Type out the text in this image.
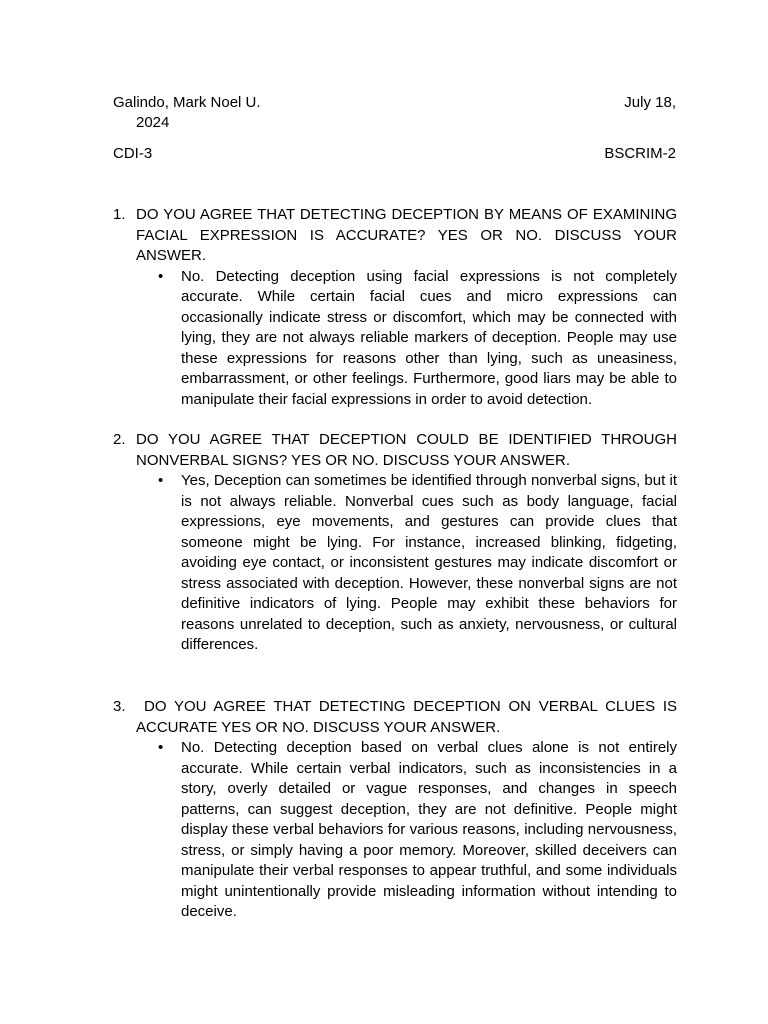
Galindo, Mark Noel U.	July 18,
2024
CDI-3	BSCRIM-2
1. DO YOU AGREE THAT DETECTING DECEPTION BY MEANS OF EXAMINING FACIAL EXPRESSION IS ACCURATE? YES OR NO. DISCUSS YOUR ANSWER.
• No. Detecting deception using facial expressions is not completely accurate. While certain facial cues and micro expressions can occasionally indicate stress or discomfort, which may be connected with lying, they are not always reliable markers of deception. People may use these expressions for reasons other than lying, such as uneasiness, embarrassment, or other feelings. Furthermore, good liars may be able to manipulate their facial expressions in order to avoid detection.
2. DO YOU AGREE THAT DECEPTION COULD BE IDENTIFIED THROUGH NONVERBAL SIGNS? YES OR NO. DISCUSS YOUR ANSWER.
• Yes, Deception can sometimes be identified through nonverbal signs, but it is not always reliable. Nonverbal cues such as body language, facial expressions, eye movements, and gestures can provide clues that someone might be lying. For instance, increased blinking, fidgeting, avoiding eye contact, or inconsistent gestures may indicate discomfort or stress associated with deception. However, these nonverbal signs are not definitive indicators of lying. People may exhibit these behaviors for reasons unrelated to deception, such as anxiety, nervousness, or cultural differences.
3.	DO YOU AGREE THAT DETECTING DECEPTION ON VERBAL CLUES IS ACCURATE YES OR NO. DISCUSS YOUR ANSWER.
• No. Detecting deception based on verbal clues alone is not entirely accurate. While certain verbal indicators, such as inconsistencies in a story, overly detailed or vague responses, and changes in speech patterns, can suggest deception, they are not definitive. People might display these verbal behaviors for various reasons, including nervousness, stress, or simply having a poor memory. Moreover, skilled deceivers can manipulate their verbal responses to appear truthful, and some individuals might unintentionally provide misleading information without intending to deceive.
